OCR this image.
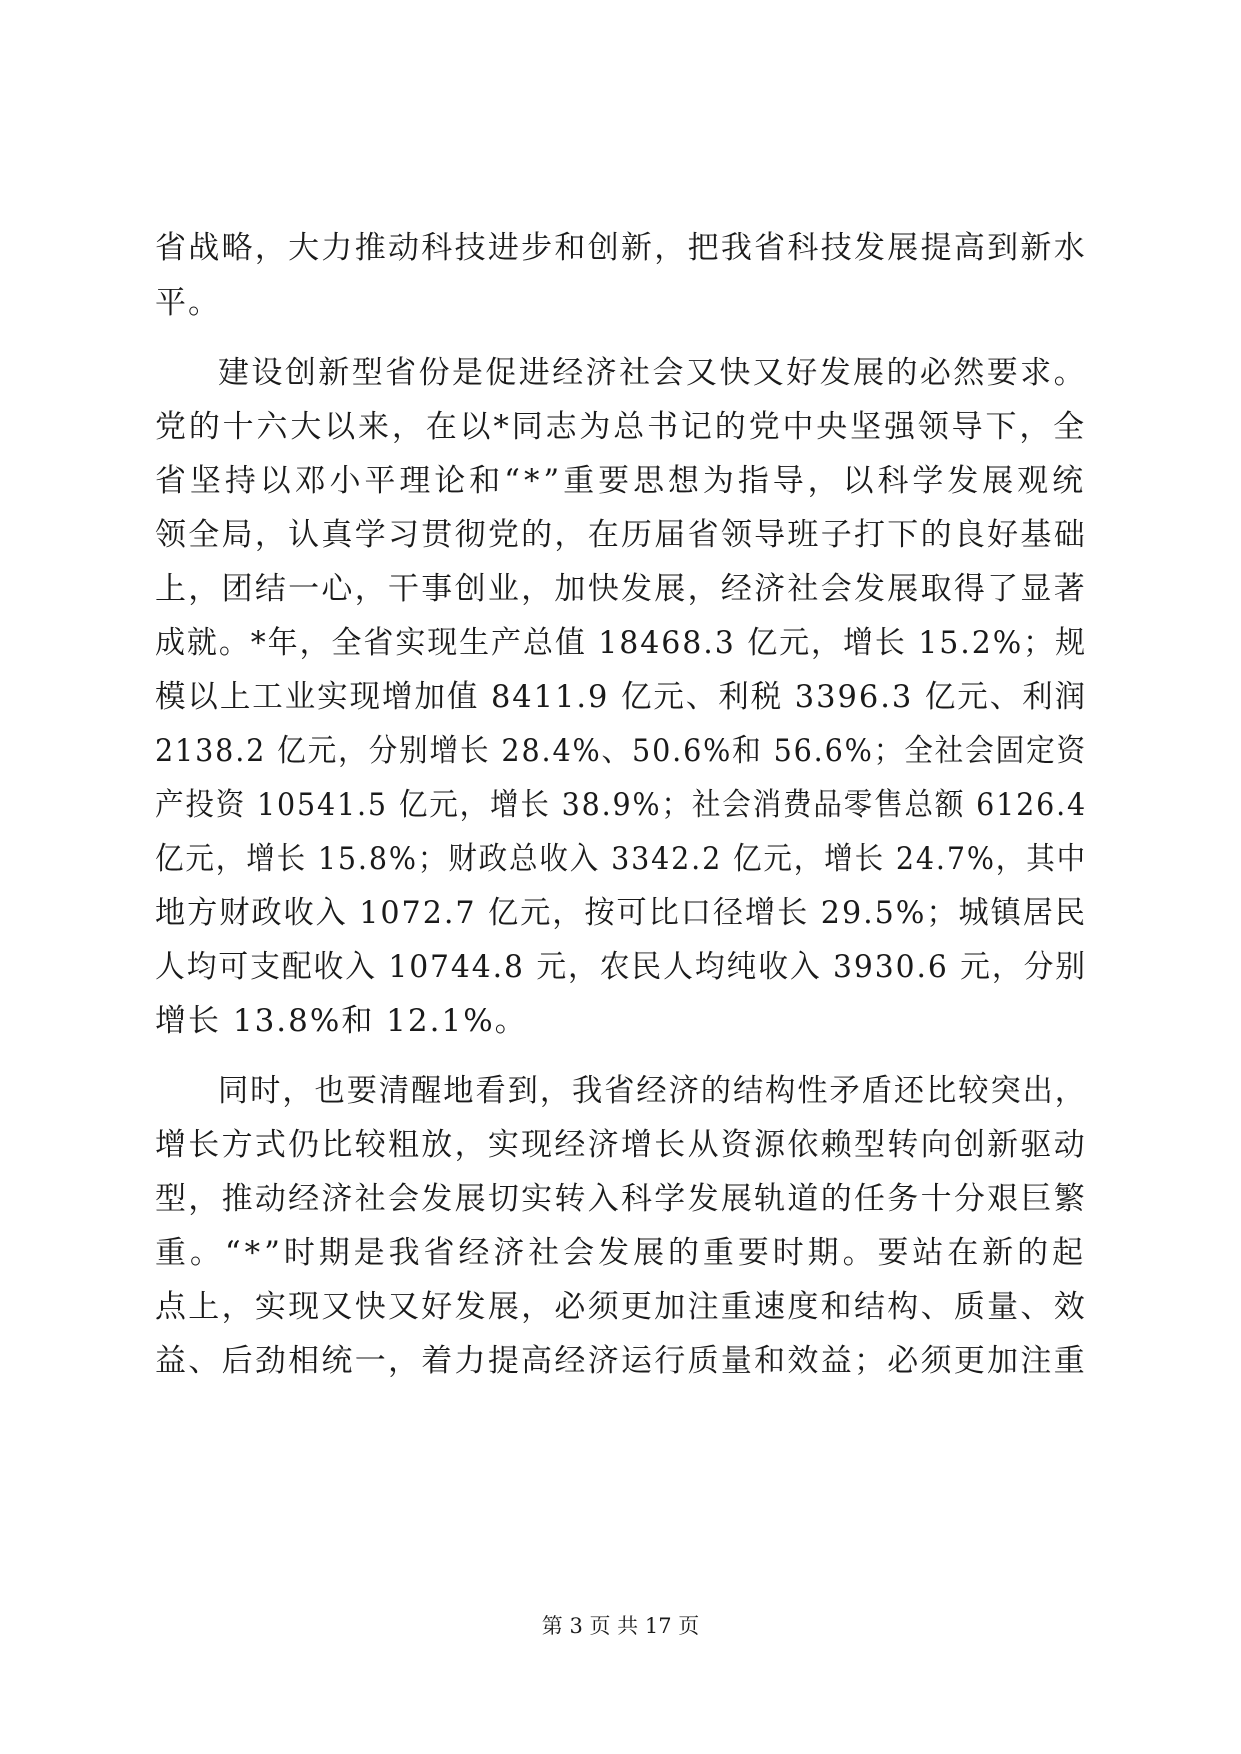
省战略，大力推动科技进步和创新，把我省科技发展提高到新水
平。
建设创新型省份是促进经济社会又快又好发展的必然要求。
党的十六大以来，在以*同志为总书记的党中央坚强领导下，全
省坚持以邓小平理论和“*”重要思想为指导，以科学发展观统
领全局，认真学习贯彻党的，在历届省领导班子打下的良好基础
上，团结一心，干事创业，加快发展，经济社会发展取得了显著
成就。*年，全省实现生产总值 18468.3 亿元，增长 15.2%；规
模以上工业实现增加值 8411.9 亿元、利税 3396.3 亿元、利润
2138.2 亿元，分别增长 28.4%、50.6%和 56.6%；全社会固定资
产投资 10541.5 亿元，增长 38.9%；社会消费品零售总额 6126.4
亿元，增长 15.8%；财政总收入 3342.2 亿元，增长 24.7%，其中
地方财政收入 1072.7 亿元，按可比口径增长 29.5%；城镇居民
人均可支配收入 10744.8 元，农民人均纯收入 3930.6 元，分别
增长 13.8%和 12.1%。
同时，也要清醒地看到，我省经济的结构性矛盾还比较突出，
增长方式仍比较粗放，实现经济增长从资源依赖型转向创新驱动
型，推动经济社会发展切实转入科学发展轨道的任务十分艰巨繁
重。“*”时期是我省经济社会发展的重要时期。要站在新的起
点上，实现又快又好发展，必须更加注重速度和结构、质量、效
益、后劲相统一，着力提高经济运行质量和效益；必须更加注重
第 3 页 共 17 页
